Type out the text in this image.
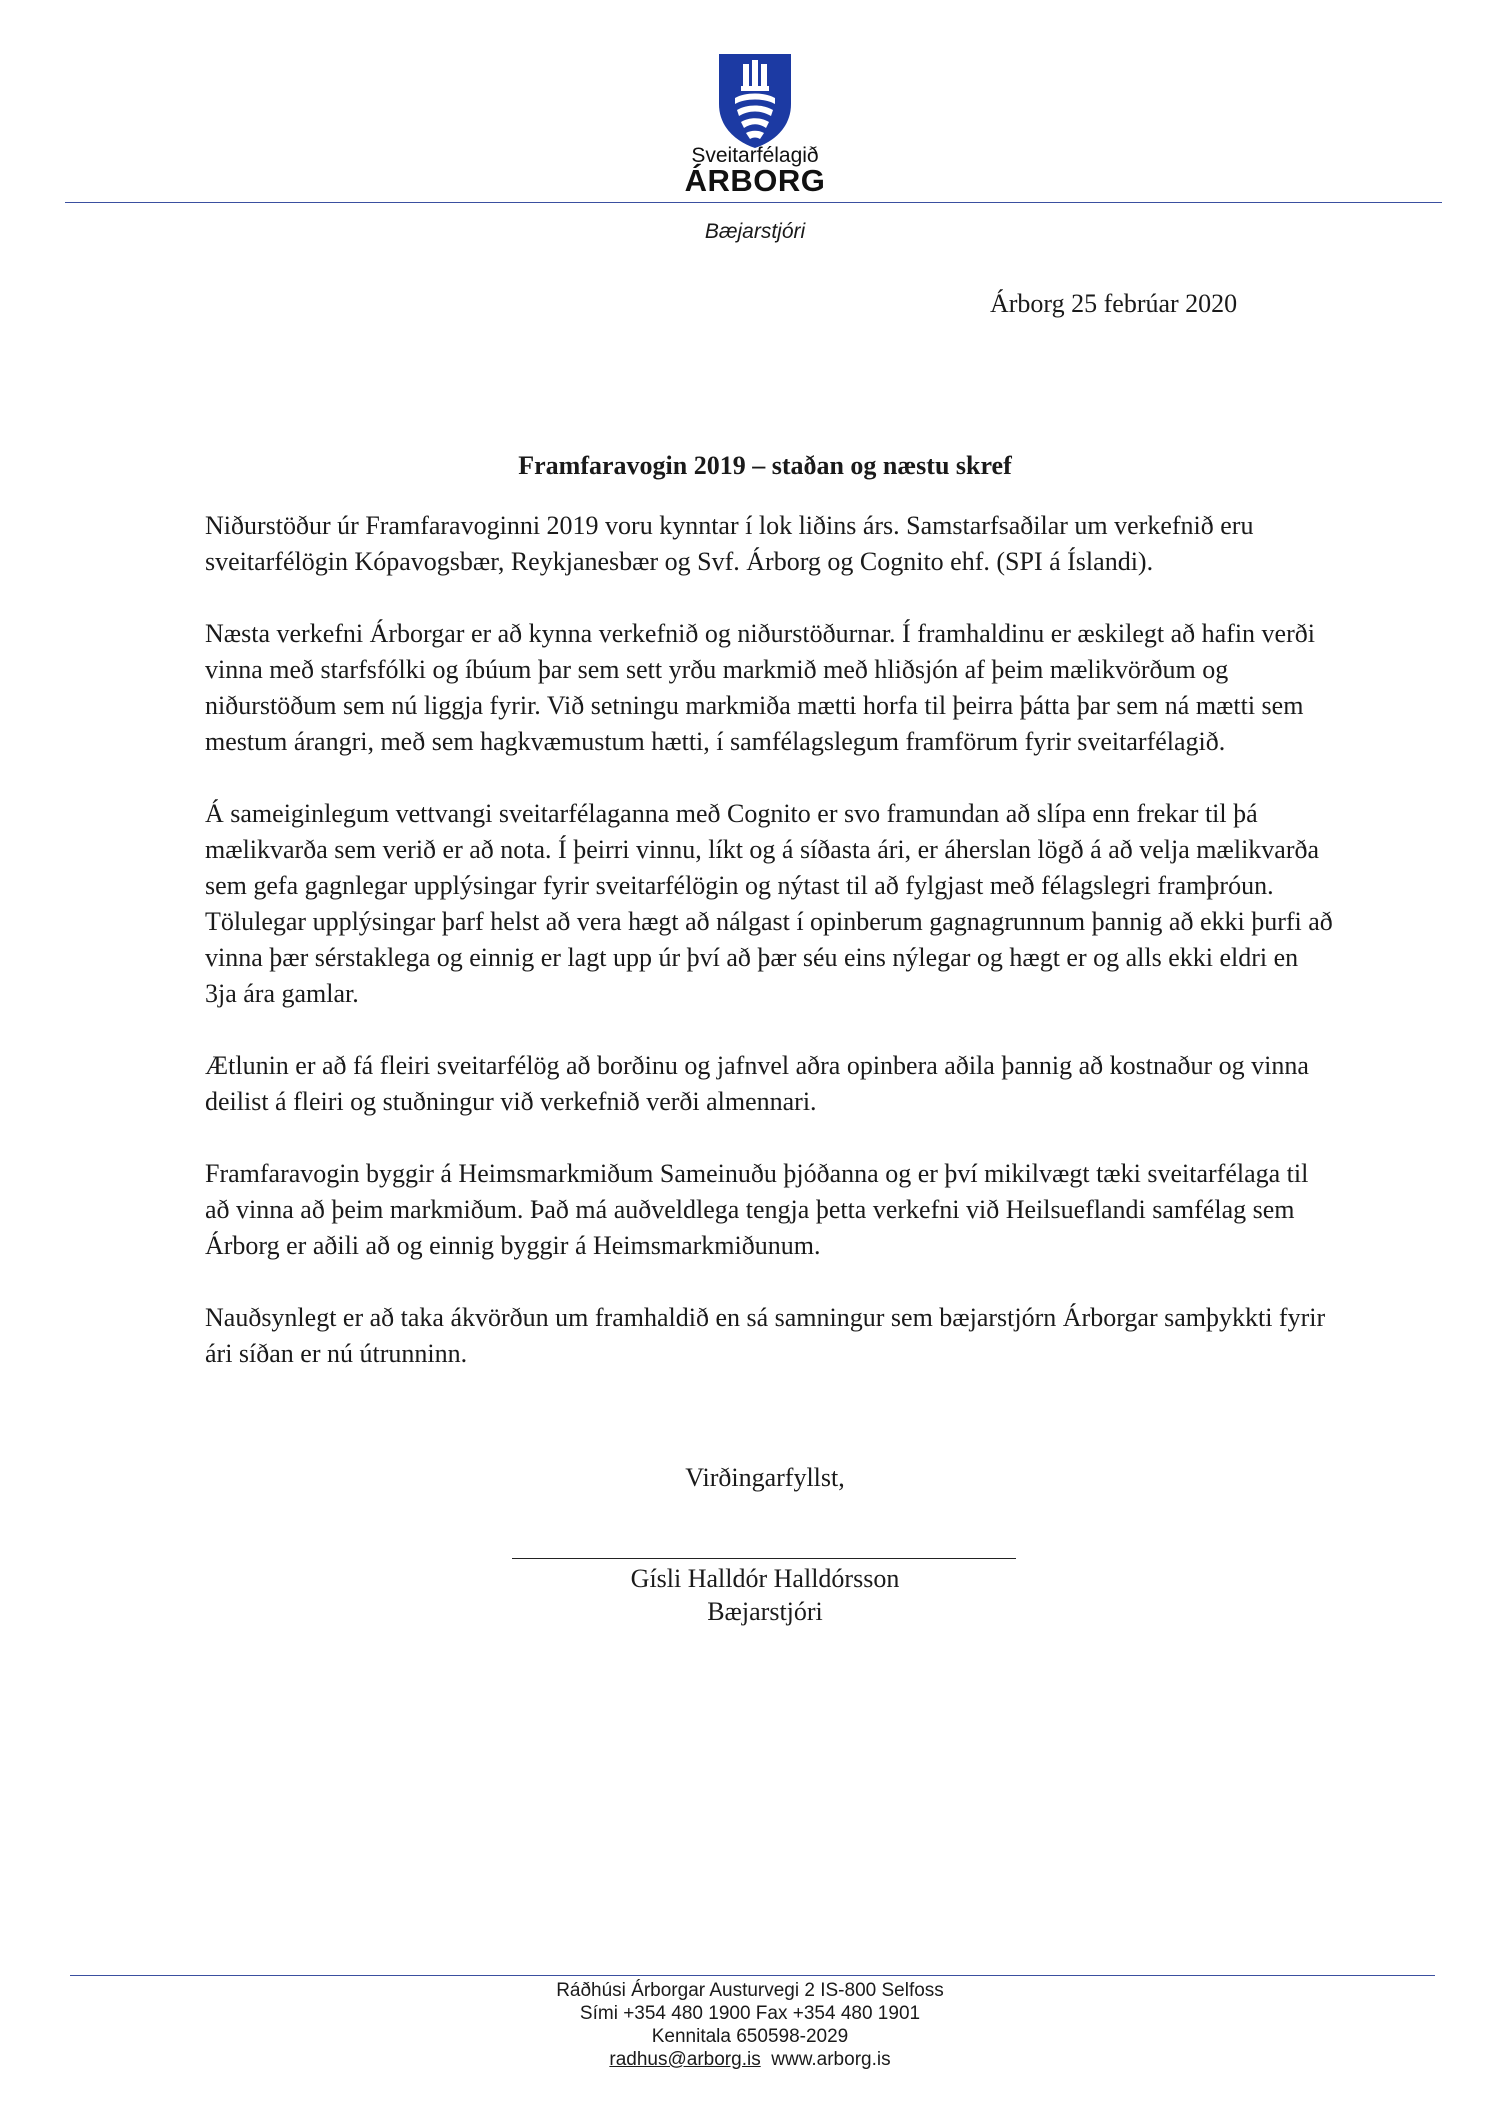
Sveitarfélagið
ÁRBORG
Bæjarstjóri
Árborg 25 febrúar 2020
Framfaravogin 2019 – staðan og næstu skref

Niðurstöður úr Framfaravoginni 2019 voru kynntar í lok liðins árs. Samstarfsaðilar um verkefnið eru sveitarfélögin Kópavogsbær, Reykjanesbær og Svf. Árborg og Cognito ehf. (SPI á Íslandi).

Næsta verkefni Árborgar er að kynna verkefnið og niðurstöðurnar. Í framhaldinu er æskilegt að hafin verði vinna með starfsfólki og íbúum þar sem sett yrðu markmið með hliðsjón af þeim mælikvörðum og niðurstöðum sem nú liggja fyrir. Við setningu markmiða mætti horfa til þeirra þátta þar sem ná mætti sem mestum árangri, með sem hagkvæmustum hætti, í samfélagslegum framförum fyrir sveitarfélagið.

Á sameiginlegum vettvangi sveitarfélaganna með Cognito er svo framundan að slípa enn frekar til þá mælikvarða sem verið er að nota. Í þeirri vinnu, líkt og á síðasta ári, er áherslan lögð á að velja mælikvarða sem gefa gagnlegar upplýsingar fyrir sveitarfélögin og nýtast til að fylgjast með félagslegri framþróun. Tölulegar upplýsingar þarf helst að vera hægt að nálgast í opinberum gagnagrunnum þannig að ekki þurfi að vinna þær sérstaklega og einnig er lagt upp úr því að þær séu eins nýlegar og hægt er og alls ekki eldri en 3ja ára gamlar.

Ætlunin er að fá fleiri sveitarfélög að borðinu og jafnvel aðra opinbera aðila þannig að kostnaður og vinna deilist á fleiri og stuðningur við verkefnið verði almennari.

Framfaravogin byggir á Heimsmarkmiðum Sameinuðu þjóðanna og er því mikilvægt tæki sveitarfélaga til að vinna að þeim markmiðum. Það má auðveldlega tengja þetta verkefni við Heilsueflandi samfélag sem Árborg er aðili að og einnig byggir á Heimsmarkmiðunum.

Nauðsynlegt er að taka ákvörðun um framhaldið en sá samningur sem bæjarstjórn Árborgar samþykkti fyrir ári síðan er nú útrunninn.

Virðingarfyllst,
Gísli Halldór Halldórsson
Bæjarstjóri
Ráðhúsi Árborgar Austurvegi 2 IS-800 Selfoss
Sími +354 480 1900 Fax +354 480 1901
Kennitala 650598-2029
radhus@arborg.is www.arborg.is
